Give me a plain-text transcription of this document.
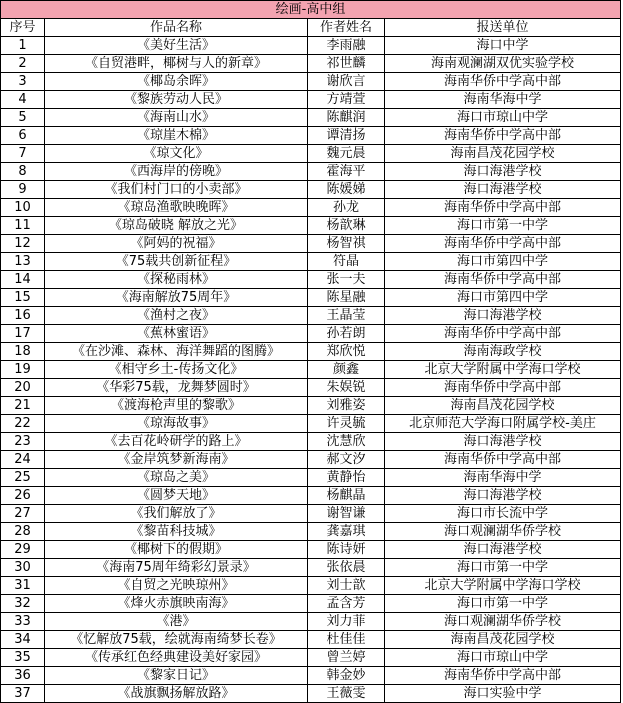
绘画-高中组			
序号	作品名称	作者姓名	报送单位
1	《美好生活》	李雨融	海口中学
2	《自贸港畔，椰树与人的新章》	祁世麟	海南观澜湖双优实验学校
3	《椰岛余晖》	谢欣言	海南华侨中学高中部
4	《黎族劳动人民》	方靖萱	海南华海中学
5	《海南山水》	陈麒润	海口市琼山中学
6	《琼崖木棉》	谭清扬	海南华侨中学高中部
7	《琼文化》	魏元晨	海南昌茂花园学校
8	《西海岸的傍晚》	霍海平	海口海港学校
9	《我们村门口的小卖部》	陈媛娣	海口海港学校
10	《琼岛渔歌映晚晖》	孙龙	海南华侨中学高中部
11	《琼岛破晓 解放之光》	杨歆琳	海口市第一中学
12	《阿妈的祝福》	杨智祺	海南华侨中学高中部
13	《75载共创新征程》	符晶	海口市第四中学
14	《探秘雨林》	张一夫	海南华侨中学高中部
15	《海南解放75周年》	陈星融	海口市第四中学
16	《渔村之夜》	王晶莹	海口海港学校
17	《蕉林蜜语》	孙若朗	海南华侨中学高中部
18	《在沙滩、森林、海洋舞蹈的图腾》	郑欣悦	海南海政学校
19	《相守乡土-传扬文化》	颜鑫	北京大学附属中学海口学校
20	《华彩75载，龙舞梦圆时》	朱娱锐	海南华侨中学高中部
21	《渡海枪声里的黎歌》	刘雅姿	海南昌茂花园学校
22	《琼海故事》	许灵毓	北京师范大学海口附属学校-美庄
23	《去百花岭研学的路上》	沈慧欣	海口海港学校
24	《金岸筑梦新海南》	郝文汐	海南华侨中学高中部
25	《琼岛之美》	黄静怡	海南华海中学
26	《圆梦天地》	杨麒晶	海口海港学校
27	《我们解放了》	谢智谦	海口市长流中学
28	《黎苗科技城》	龚嘉琪	海口观澜湖华侨学校
29	《椰树下的假期》	陈诗妍	海口海港学校
30	《海南75周年绮彩幻景录》	张依晨	海口市第一中学
31	《自贸之光映琼州》	刘士歆	北京大学附属中学海口学校
32	《烽火赤旗映南海》	孟含芳	海口市第一中学
33	《港》	刘力菲	海口观澜湖华侨学校
34	《忆解放75载，绘就海南绮梦长卷》	杜佳佳	海南昌茂花园学校
35	《传承红色经典建设美好家园》	曾兰婷	海口市琼山中学
36	《黎家日记》	韩金妙	海南华侨中学高中部
37	《战旗飘扬解放路》	王薇雯	海口实验中学
